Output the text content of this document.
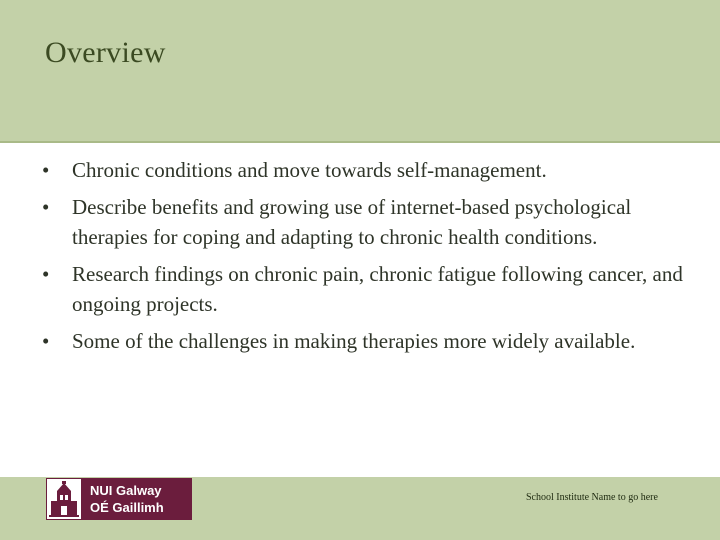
Overview
• Chronic conditions and move towards self-management.
• Describe benefits and growing use of internet-based psychological therapies for coping and adapting to chronic health conditions.
• Research findings on chronic pain, chronic fatigue following cancer, and ongoing projects.
• Some of the challenges in making therapies more widely available.
NUI Galway
OÉ Gaillimh
School Institute Name to go here
